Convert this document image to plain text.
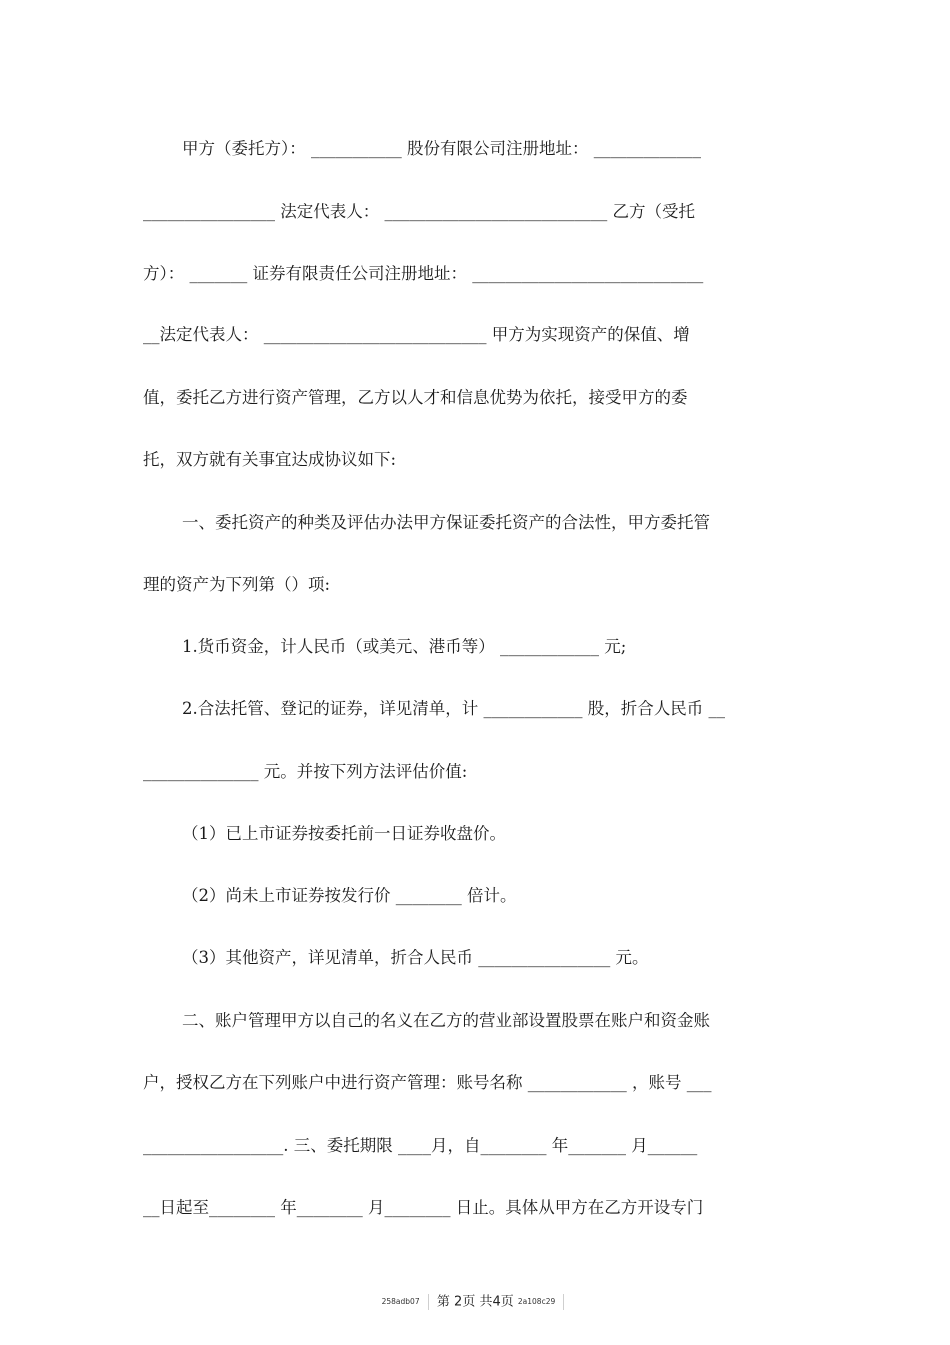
甲方（委托方）： ___________ 股份有限公司注册地址： _____________
________________ 法定代表人： ___________________________ 乙方（受托
方）： _______ 证券有限责任公司注册地址： ____________________________
__法定代表人： ___________________________ 甲方为实现资产的保值、增
值，委托乙方进行资产管理，乙方以人才和信息优势为依托，接受甲方的委
托，双方就有关事宜达成协议如下:
一、委托资产的种类及评估办法甲方保证委托资产的合法性，甲方委托管
理的资产为下列第（）项:
1.货币资金，计人民币（或美元、港币等） ____________ 元;
2.合法托管、登记的证券，详见清单，计 ____________ 股，折合人民币 __
______________ 元。并按下列方法评估价值:
（1）已上市证券按委托前一日证券收盘价。
（2）尚未上市证券按发行价 ________ 倍计。
（3）其他资产，详见清单，折合人民币 ________________ 元。
二、账户管理甲方以自己的名义在乙方的营业部设置股票在账户和资金账
户，授权乙方在下列账户中进行资产管理：账号名称 ____________ ，账号 ___
_________________. 三、委托期限 ____月，自________ 年_______ 月______
__日起至________ 年________ 月________ 日止。具体从甲方在乙方开设专门
258adb07 第 2页 共4页 2a108c29
